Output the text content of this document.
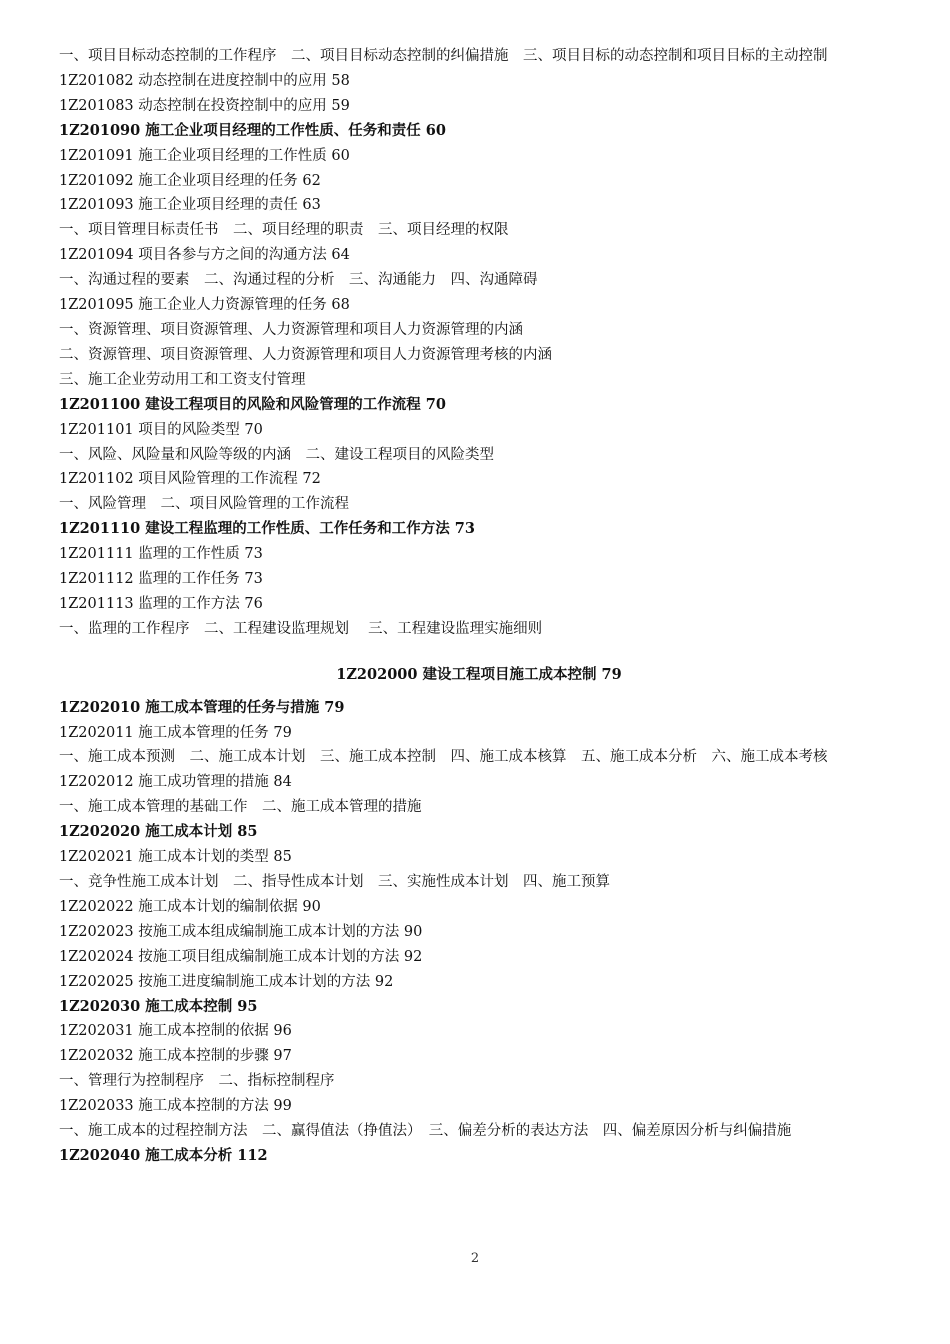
一、项目目标动态控制的工作程序　二、项目目标动态控制的纠偏措施　三、项目目标的动态控制和项目目标的主动控制
1Z201082 动态控制在进度控制中的应用 58
1Z201083 动态控制在投资控制中的应用 59
1Z201090 施工企业项目经理的工作性质、任务和责任 60
1Z201091 施工企业项目经理的工作性质 60
1Z201092 施工企业项目经理的任务 62
1Z201093 施工企业项目经理的责任 63
一、项目管理目标责任书　二、项目经理的职责　三、项目经理的权限
1Z201094 项目各参与方之间的沟通方法 64
一、沟通过程的要素　二、沟通过程的分析　三、沟通能力　四、沟通障碍
1Z201095 施工企业人力资源管理的任务 68
一、资源管理、项目资源管理、人力资源管理和项目人力资源管理的内涵
二、资源管理、项目资源管理、人力资源管理和项目人力资源管理考核的内涵
三、施工企业劳动用工和工资支付管理
1Z201100 建设工程项目的风险和风险管理的工作流程 70
1Z201101 项目的风险类型 70
一、风险、风险量和风险等级的内涵　二、建设工程项目的风险类型
1Z201102 项目风险管理的工作流程 72
一、风险管理　二、项目风险管理的工作流程
1Z201110 建设工程监理的工作性质、工作任务和工作方法 73
1Z201111 监理的工作性质 73
1Z201112 监理的工作任务 73
1Z201113 监理的工作方法 76
一、监理的工作程序　二、工程建设监理规划　 三、工程建设监理实施细则
1Z202000 建设工程项目施工成本控制 79
1Z202010 施工成本管理的任务与措施 79
1Z202011 施工成本管理的任务 79
一、施工成本预测　二、施工成本计划　三、施工成本控制　四、施工成本核算　五、施工成本分析　六、施工成本考核
1Z202012 施工成功管理的措施 84
一、施工成本管理的基础工作　二、施工成本管理的措施
1Z202020 施工成本计划 85
1Z202021 施工成本计划的类型 85
一、竞争性施工成本计划　二、指导性成本计划　三、实施性成本计划　四、施工预算
1Z202022 施工成本计划的编制依据 90
1Z202023 按施工成本组成编制施工成本计划的方法 90
1Z202024 按施工项目组成编制施工成本计划的方法 92
1Z202025 按施工进度编制施工成本计划的方法 92
1Z202030 施工成本控制 95
1Z202031 施工成本控制的依据 96
1Z202032 施工成本控制的步骤 97
一、管理行为控制程序　二、指标控制程序
1Z202033 施工成本控制的方法 99
一、施工成本的过程控制方法　二、赢得值法（挣值法）　三、偏差分析的表达方法　四、偏差原因分析与纠偏措施
1Z202040 施工成本分析 112
2
